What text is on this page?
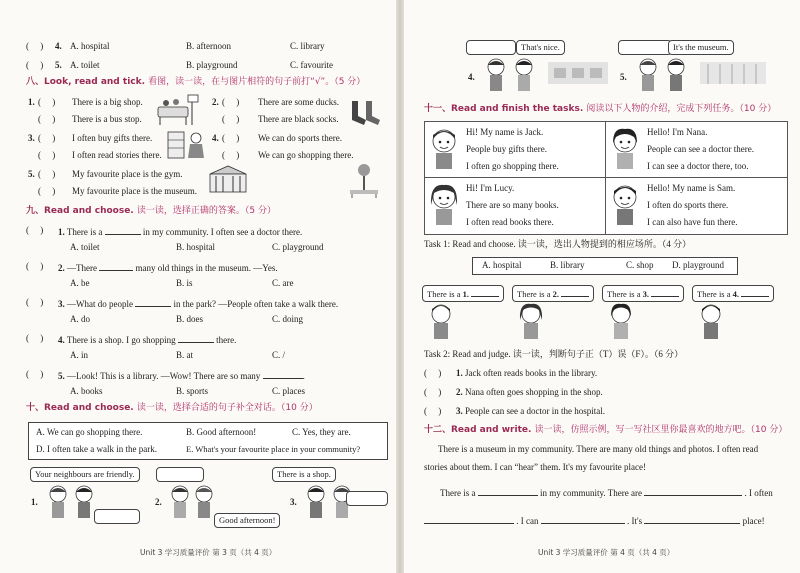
(     ) 4. A. hospital	B. afternoon	C. library
(     ) 5. A. toilet	B. playground	C. favourite
八、Look, read and tick. 看图，读一读，在与图片相符的句子前打“√”。（5 分）
1. (     ) There is a big shop.
(     ) There is a bus stop.
2. (     ) There are some ducks.
(     ) There are black socks.
3. (     ) I often buy gifts there.
(     ) I often read stories there.
4. (     ) We can do sports there.
(     ) We can go shopping there.
5. (     ) My favourite place is the gym.
(     ) My favourite place is the museum.
九、Read and choose. 读一读，选择正确的答案。（5 分）
(     ) 1. There is a	in my community. I often see a doctor there.
A. toilet	B. hospital	C. playground
(     ) 2. —There	many old things in the museum. —Yes.
A. be	B. is	C. are
(     ) 3. —What do people	in the park? —People often take a walk there.
A. do	B. does	C. doing
(     ) 4. There is a shop. I go shopping	there.
A. in	B. at	C. /
(     ) 5. —Look! This is a library. —Wow! There are so many	.
A. books	B. sports	C. places
十、Read and choose. 读一读，选择合适的句子补全对话。（10 分）
A. We can go shopping there.	B. Good afternoon!	C. Yes, they are.
D. I often take a walk in the park.	E. What's your favourite place in your community?
Your neighbours are friendly.
1.	2.
Good afternoon!
There is a shop.
3.
Unit 3 学习质量评价 第 3 页（共 4 页）
That's nice.
4.
It's the museum.
5.
十一、Read and finish the tasks. 阅读以下人物的介绍，完成下列任务。（10 分）
Hi! My name is Jack.
People buy gifts there.
I often go shopping there.
Hello! I'm Nana.
People can see a doctor there.
I can see a doctor there, too.
Hi! I'm Lucy.
There are so many books.
I often read books there.
Hello! My name is Sam.
I often do sports there.
I can also have fun there.
Task 1: Read and choose. 读一读，选出人物提到的相应场所。（4 分）
A. hospital	B. library	C. shop D. playground
There is a 1.	There is a 2.	There is a 3.	There is a 4.
Task 2: Read and judge. 读一读，判断句子正（T）误（F）。（6 分）
(     ) 1. Jack often reads books in the library.
(     ) 2. Nana often goes shopping in the shop.
(     ) 3. People can see a doctor in the hospital.
十二、Read and write. 读一读，仿照示例，写一写社区里你最喜欢的地方吧。（10 分）
There is a museum in my community. There are many old things and photos. I often read
stories about them. I can “hear” them. It's my favourite place!
There is a	in my community. There are	. I often
. I can	. It's	place!
Unit 3 学习质量评价 第 4 页（共 4 页）
